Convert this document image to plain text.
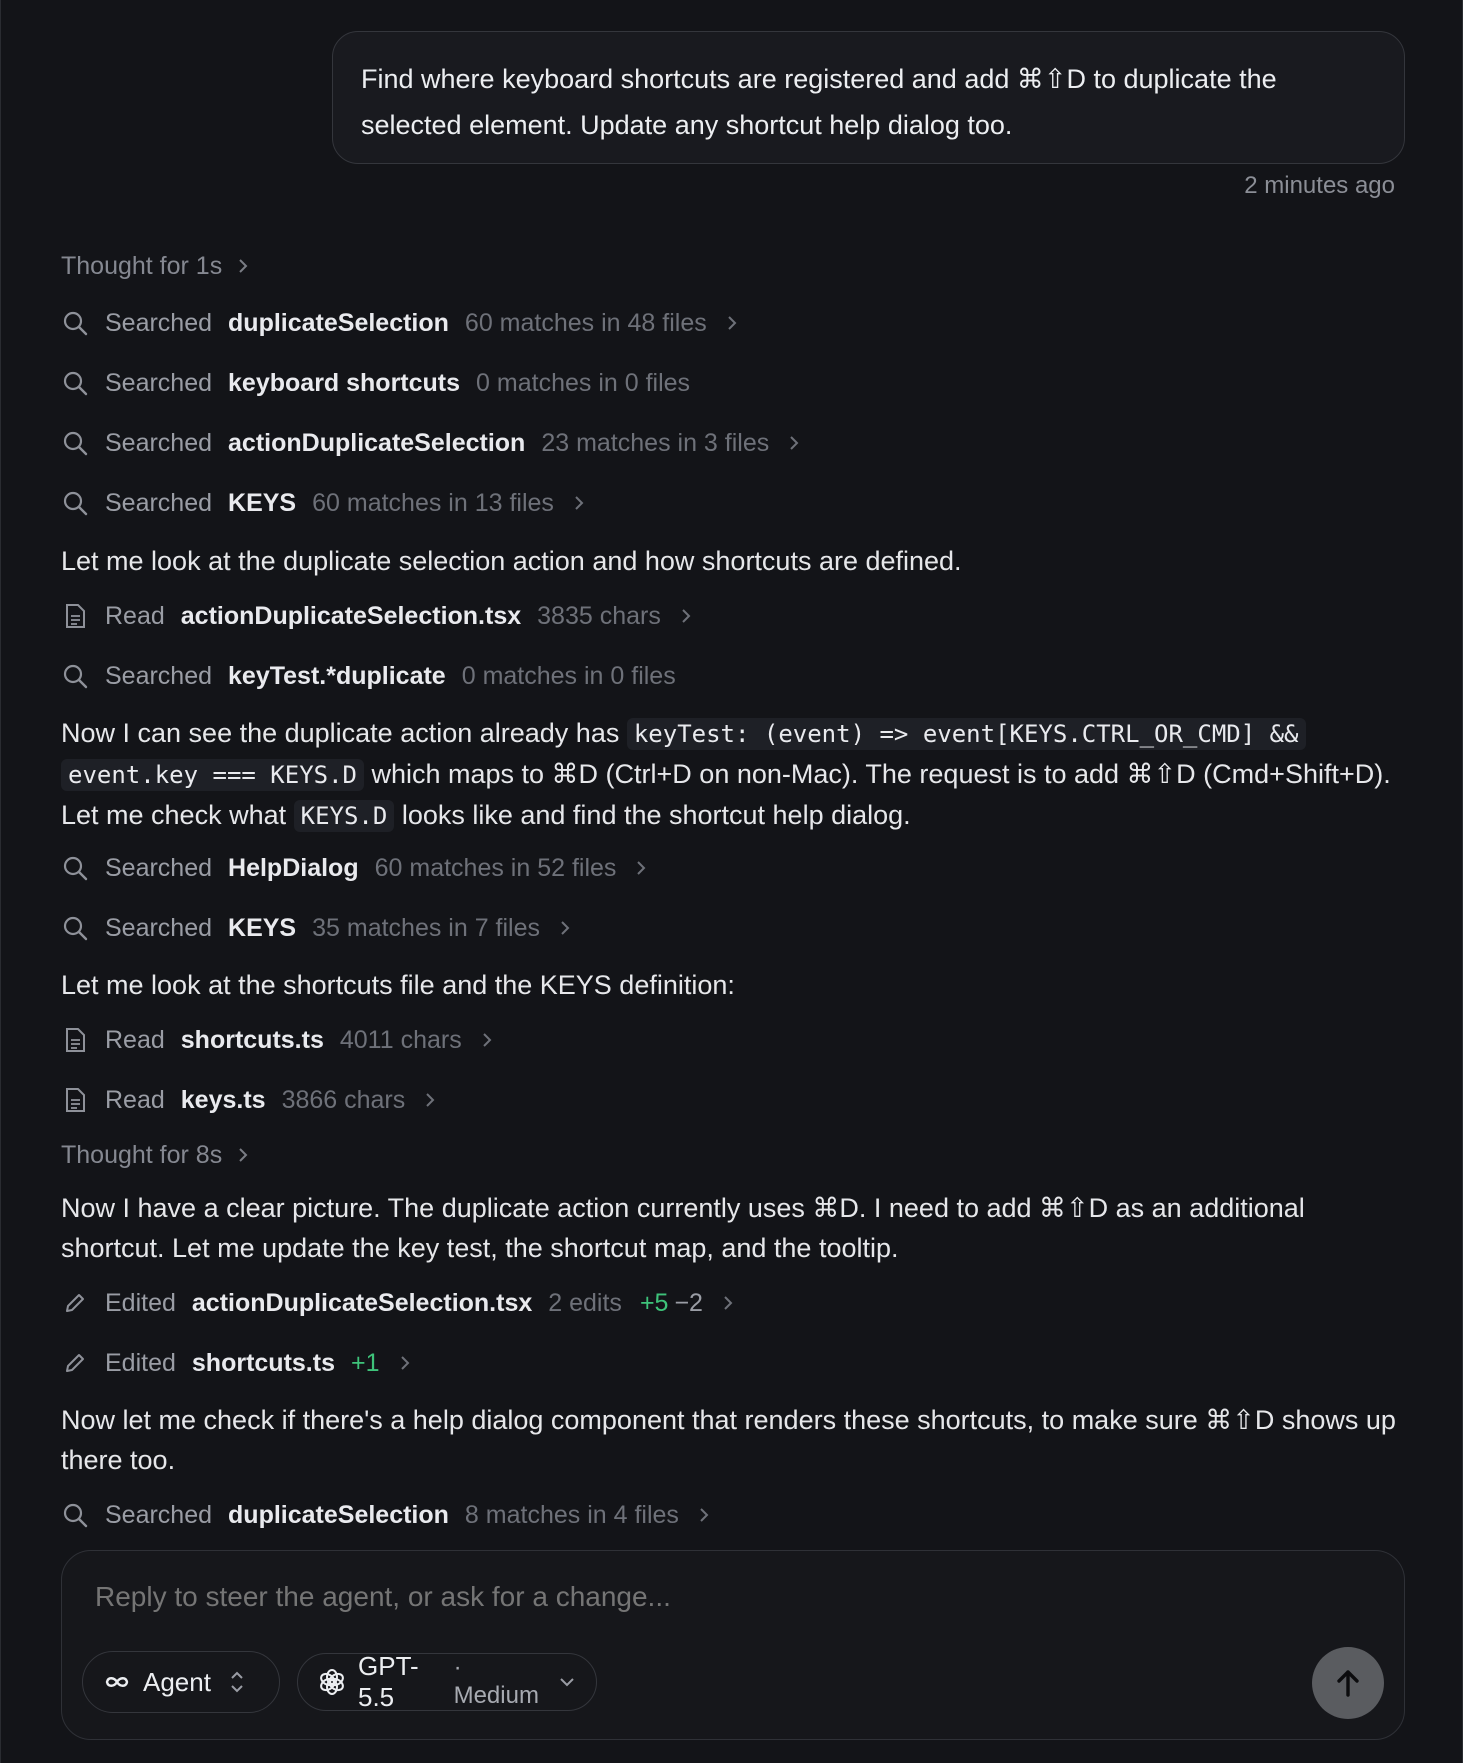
Find where keyboard shortcuts are registered and add ⌘⇧D to duplicate the selected element. Update any shortcut help dialog too.
2 minutes ago
Thought for 1s
Searched duplicateSelection 60 matches in 48 files
Searched keyboard shortcuts 0 matches in 0 files
Searched actionDuplicateSelection 23 matches in 3 files
Searched KEYS 60 matches in 13 files
Let me look at the duplicate selection action and how shortcuts are defined.
Read actionDuplicateSelection.tsx 3835 chars
Searched keyTest.*duplicate 0 matches in 0 files
Now I can see the duplicate action already has keyTest: (event) => event[KEYS.CTRL_OR_CMD] && event.key === KEYS.D which maps to ⌘D (Ctrl+D on non-Mac). The request is to add ⌘⇧D (Cmd+Shift+D). Let me check what KEYS.D looks like and find the shortcut help dialog.
Searched HelpDialog 60 matches in 52 files
Searched KEYS 35 matches in 7 files
Let me look at the shortcuts file and the KEYS definition:
Read shortcuts.ts 4011 chars
Read keys.ts 3866 chars
Thought for 8s
Now I have a clear picture. The duplicate action currently uses ⌘D. I need to add ⌘⇧D as an additional shortcut. Let me update the key test, the shortcut map, and the tooltip.
Edited actionDuplicateSelection.tsx 2 edits +5 −2
Edited shortcuts.ts +1
Now let me check if there's a help dialog component that renders these shortcuts, to make sure ⌘⇧D shows up there too.
Searched duplicateSelection 8 matches in 4 files
Reply to steer the agent, or ask for a change...
Agent
GPT-5.5
· Medium
